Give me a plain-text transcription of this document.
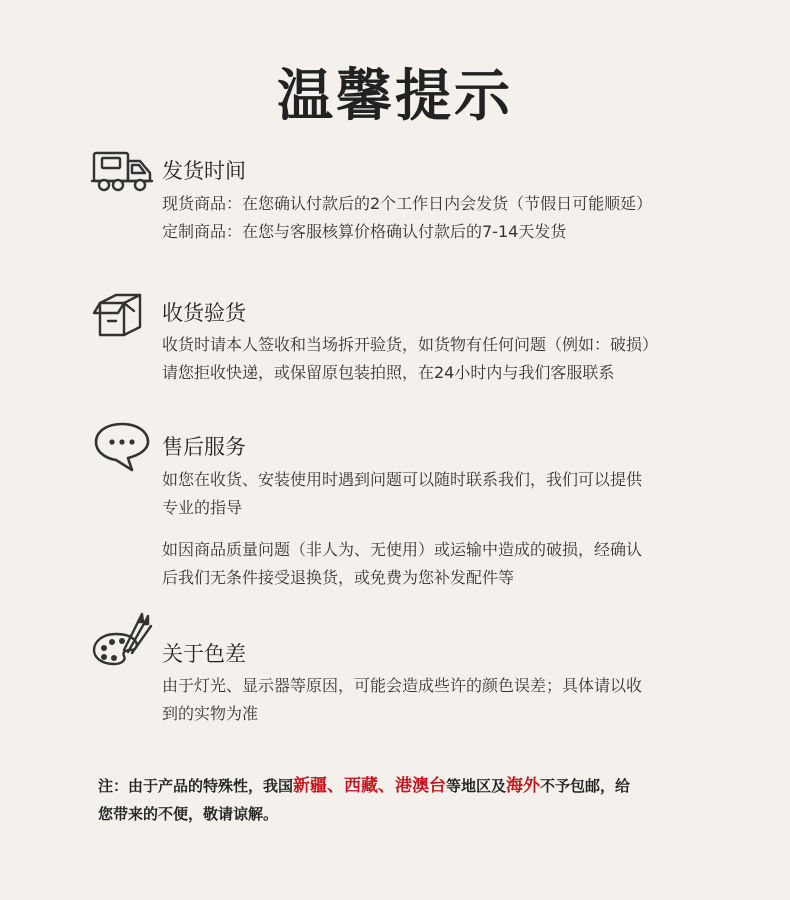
温馨提示
发货时间
现货商品：在您确认付款后的2个工作日内会发货（节假日可能顺延）
定制商品：在您与客服核算价格确认付款后的7-14天发货
收货验货
收货时请本人签收和当场拆开验货，如货物有任何问题（例如：破损）
请您拒收快递，或保留原包装拍照，在24小时内与我们客服联系
售后服务
如您在收货、安装使用时遇到问题可以随时联系我们，我们可以提供
专业的指导
如因商品质量问题（非人为、无使用）或运输中造成的破损，经确认
后我们无条件接受退换货，或免费为您补发配件等
关于色差
由于灯光、显示器等原因，可能会造成些许的颜色误差；具体请以收
到的实物为准
注：由于产品的特殊性，我国新疆、西藏、港澳台等地区及海外不予包邮，给
您带来的不便，敬请谅解。
